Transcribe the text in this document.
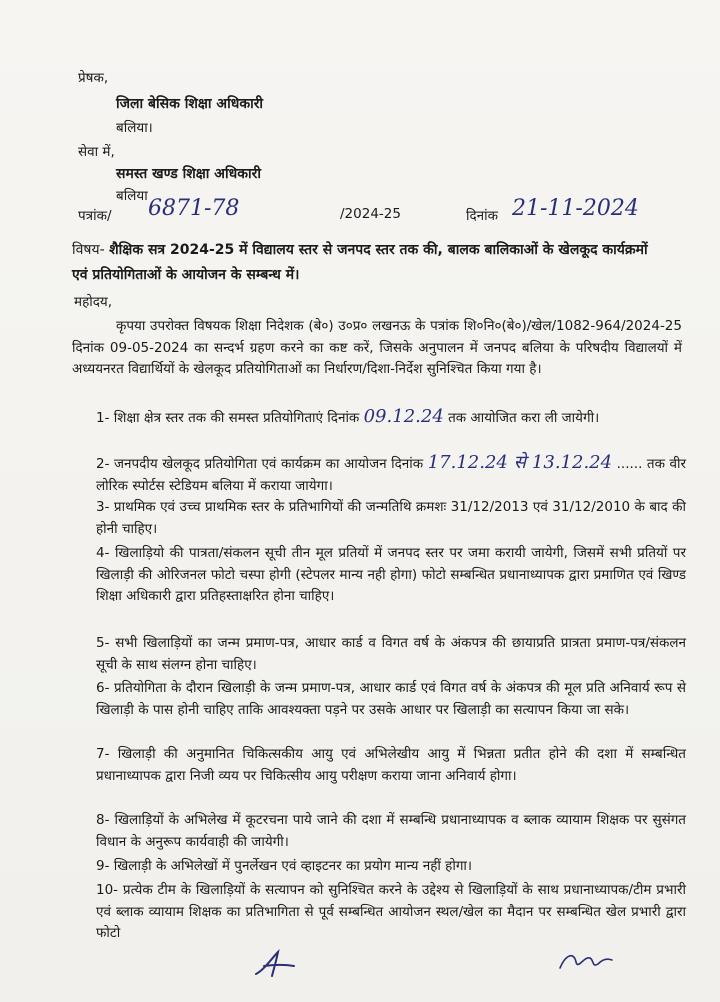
प्रेषक,
जिला बेसिक शिक्षा अधिकारी
बलिया।
सेवा में,
समस्त खण्ड शिक्षा अधिकारी
बलिया
पत्रांक/ 6871-78	/2024-25	दिनांक 21-11-2024
विषय- शैक्षिक सत्र 2024-25 में विद्यालय स्तर से जनपद स्तर तक की, बालक बालिकाओं के खेलकूद कार्यक्रमों एवं प्रतियोगिताओं के आयोजन के सम्बन्ध में।
महोदय,
कृपया उपरोक्त विषयक शिक्षा निदेशक (बे०) उ०प्र० लखनऊ के पत्रांक शि०नि०(बे०)/खेल/1082-964/2024-25 दिनांक 09-05-2024 का सन्दर्भ ग्रहण करने का कष्ट करें, जिसके अनुपालन में जनपद बलिया के परिषदीय विद्यालयों में अध्ययनरत विद्यार्थियों के खेलकूद प्रतियोगिताओं का निर्धारण/दिशा-निर्देश सुनिश्चित किया गया है।
1- शिक्षा क्षेत्र स्तर तक की समस्त प्रतियोगिताएं दिनांक 09.12.24 तक आयोजित करा ली जायेगी।
2- जनपदीय खेलकूद प्रतियोगिता एवं कार्यक्रम का आयोजन दिनांक 17.12.24 से 13.12.24 ...... तक वीर लोरिक स्पोर्टस स्टेडियम बलिया में कराया जायेगा।
3- प्राथमिक एवं उच्च प्राथमिक स्तर के प्रतिभागियों की जन्मतिथि क्रमशः 31/12/2013 एवं 31/12/2010 के बाद की होनी चाहिए।
4- खिलाड़ियो की पात्रता/संकलन सूची तीन मूल प्रतियों में जनपद स्तर पर जमा करायी जायेगी, जिसमें सभी प्रतियों पर खिलाड़ी की ओरिजनल फोटो चस्पा होगी (स्टेपलर मान्य नही होगा) फोटो सम्बन्धित प्रधानाध्यापक द्वारा प्रमाणित एवं खिण्ड शिक्षा अधिकारी द्वारा प्रतिहस्ताक्षरित होना चाहिए।
5- सभी खिलाड़ियों का जन्म प्रमाण-पत्र, आधार कार्ड व विगत वर्ष के अंकपत्र की छायाप्रति प्रात्रता प्रमाण-पत्र/संकलन सूची के साथ संलग्न होना चाहिए।
6- प्रतियोगिता के दौरान खिलाड़ी के जन्म प्रमाण-पत्र, आधार कार्ड एवं विगत वर्ष के अंकपत्र की मूल प्रति अनिवार्य रूप से खिलाड़ी के पास होनी चाहिए ताकि आवश्यक्ता पड़ने पर उसके आधार पर खिलाड़ी का सत्यापन किया जा सके।
7- खिलाड़ी की अनुमानित चिकित्सकीय आयु एवं अभिलेखीय आयु में भिन्नता प्रतीत होने की दशा में सम्बन्धित प्रधानाध्यापक द्वारा निजी व्यय पर चिकित्सीय आयु परीक्षण कराया जाना अनिवार्य होगा।
8- खिलाड़ियों के अभिलेख में कूटरचना पाये जाने की दशा में सम्बन्धि प्रधानाध्यापक व ब्लाक व्यायाम शिक्षक पर सुसंगत विधान के अनुरूप कार्यवाही की जायेगी।
9- खिलाड़ी के अभिलेखों में पुनर्लेखन एवं व्हाइटनर का प्रयोग मान्य नहीं होगा।
10- प्रत्येक टीम के खिलाड़ियों के सत्यापन को सुनिश्चित करने के उद्देश्य से खिलाड़ियों के साथ प्रधानाध्यापक/टीम प्रभारी एवं ब्लाक व्यायाम शिक्षक का प्रतिभागिता से पूर्व सम्बन्धित आयोजन स्थल/खेल का मैदान पर सम्बन्धित खेल प्रभारी द्वारा फोटो
